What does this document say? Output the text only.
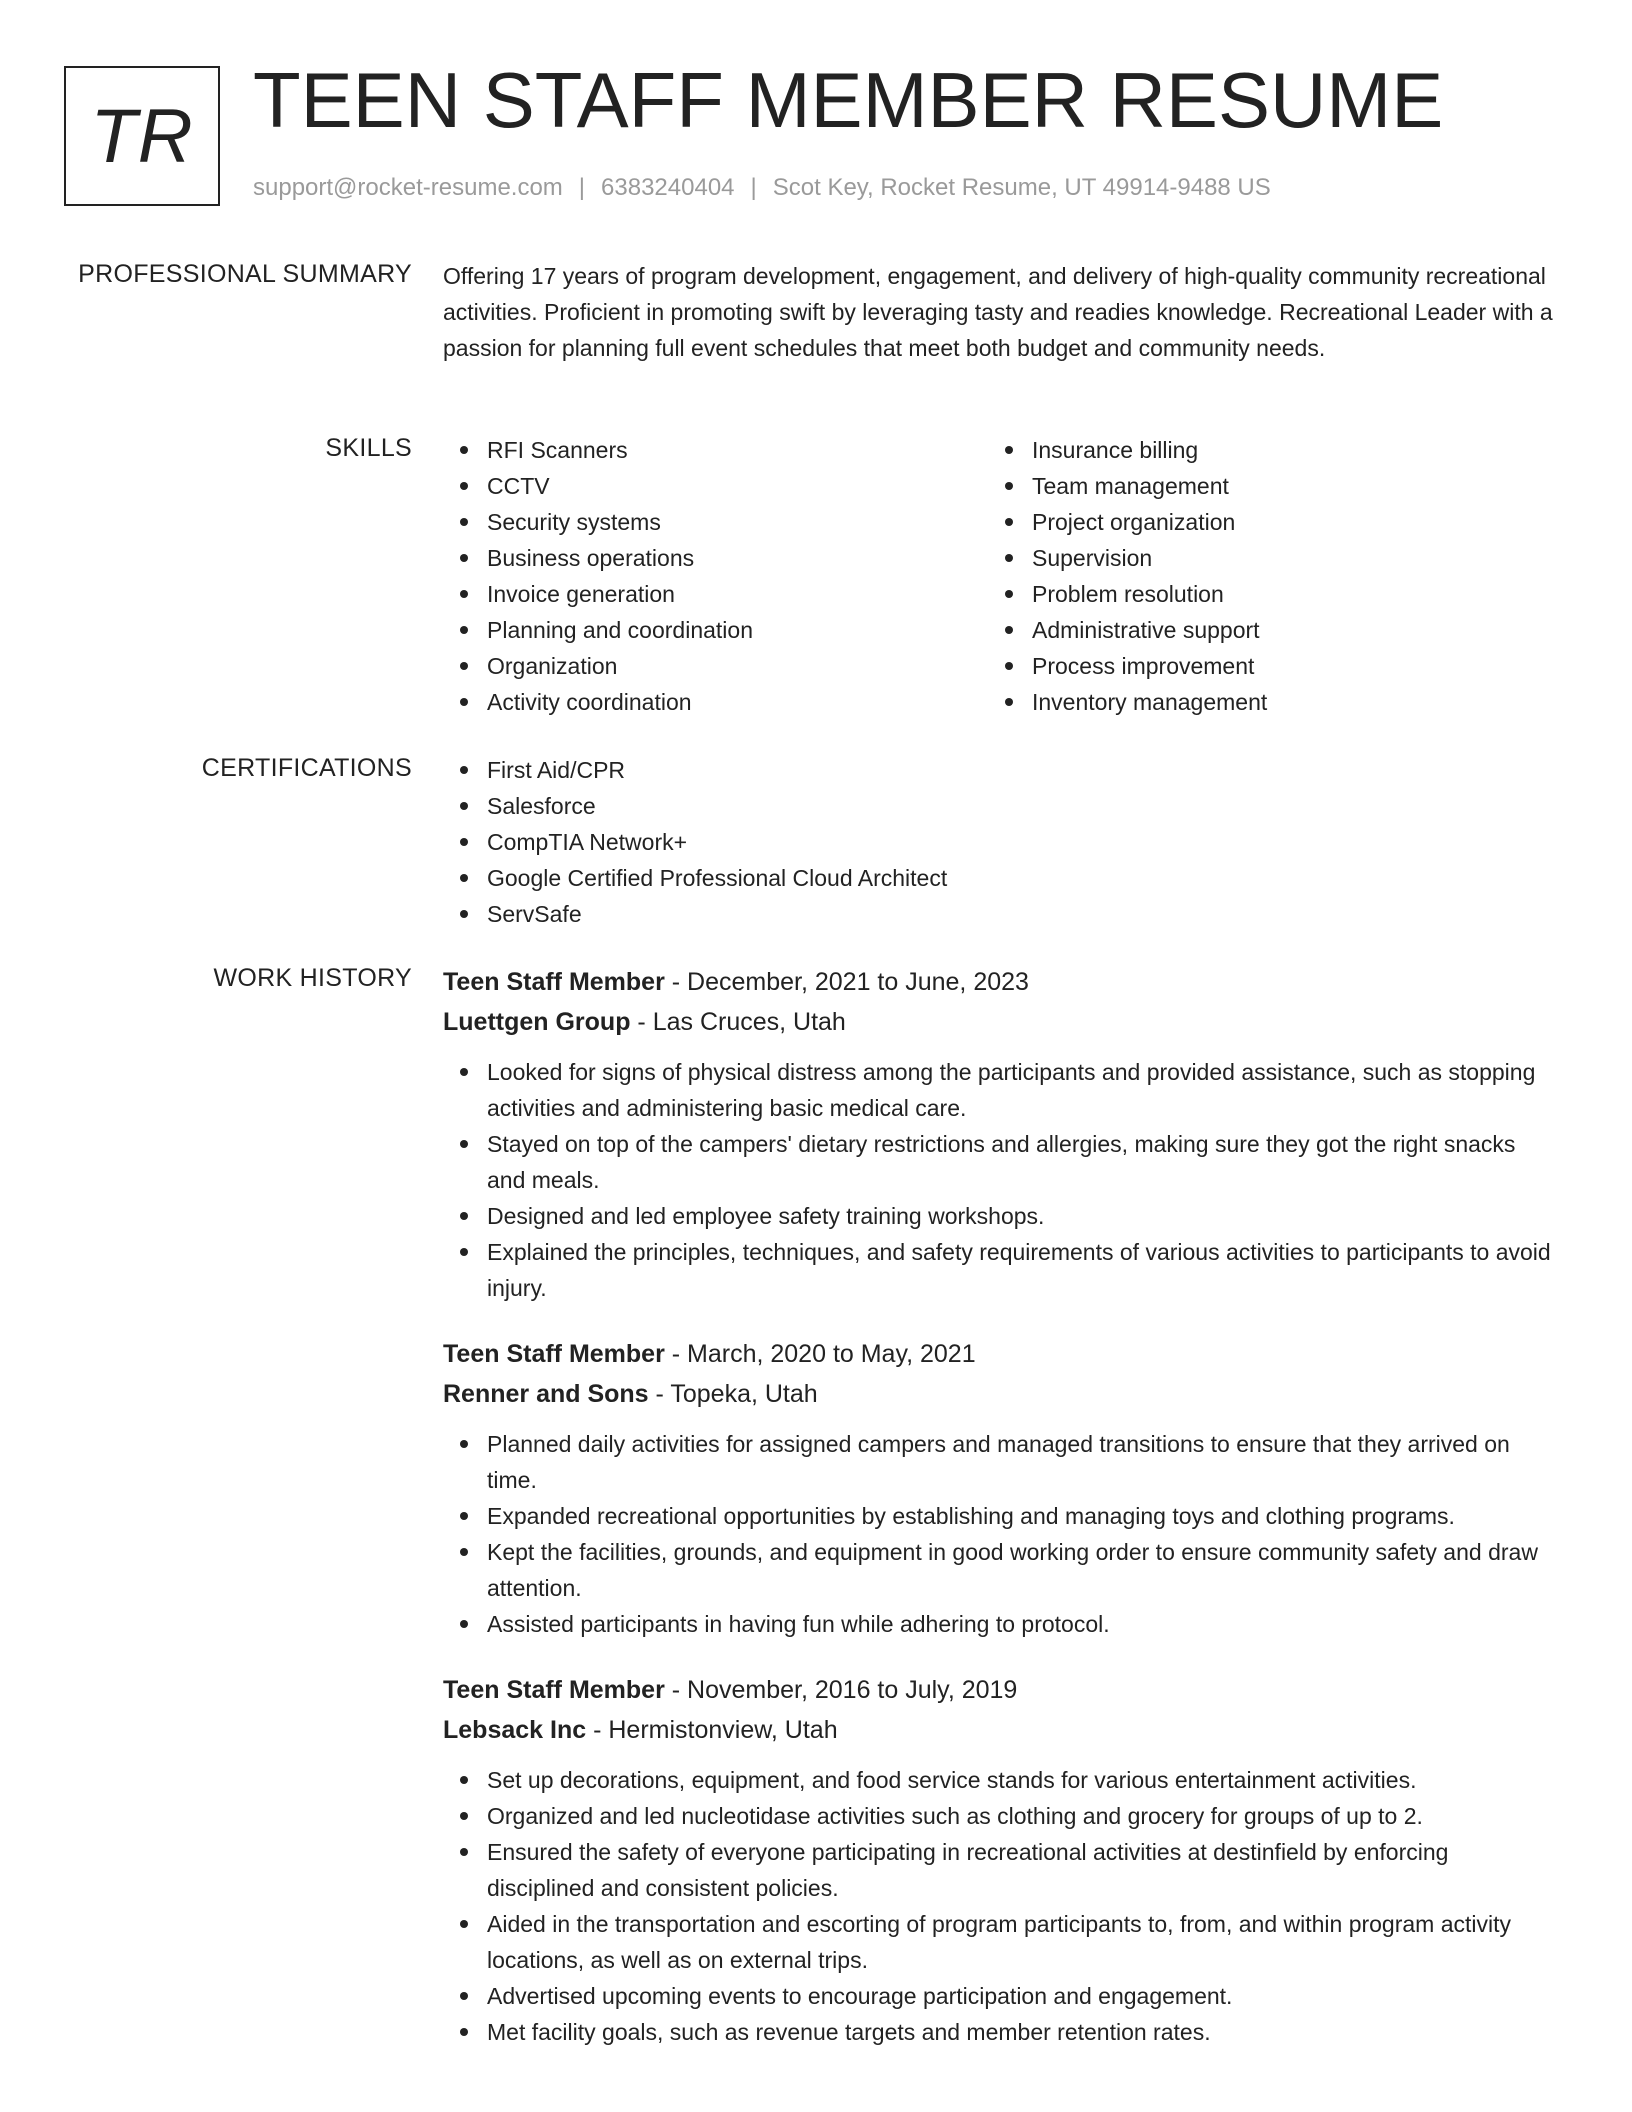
TR TEEN STAFF MEMBER RESUME
support@rocket-resume.com | 6383240404 | Scot Key, Rocket Resume, UT 49914-9488 US
PROFESSIONAL SUMMARY Offering 17 years of program development, engagement, and delivery of high-quality community recreational activities. Proficient in promoting swift by leveraging tasty and readies knowledge. Recreational Leader with a passion for planning full event schedules that meet both budget and community needs.

SKILLS	RFI Scanners
CCTV
Security systems
Business operations
Invoice generation
Planning and coordination
Organization
Activity coordination
Insurance billing
Team management
Project organization
Supervision
Problem resolution
Administrative support
Process improvement
Inventory management
CERTIFICATIONS	First Aid/CPR
Salesforce
CompTIA Network+
Google Certified Professional Cloud Architect
ServSafe
WORK HISTORY Teen Staff Member - December, 2021 to June, 2023
Luettgen Group - Las Cruces, Utah
Looked for signs of physical distress among the participants and provided assistance, such as stopping activities and administering basic medical care.
Stayed on top of the campers' dietary restrictions and allergies, making sure they got the right snacks and meals.
Designed and led employee safety training workshops.
Explained the principles, techniques, and safety requirements of various activities to participants to avoid injury.
Teen Staff Member - March, 2020 to May, 2021
Renner and Sons - Topeka, Utah
Planned daily activities for assigned campers and managed transitions to ensure that they arrived on time.
Expanded recreational opportunities by establishing and managing toys and clothing programs.
Kept the facilities, grounds, and equipment in good working order to ensure community safety and draw attention.
Assisted participants in having fun while adhering to protocol.
Teen Staff Member - November, 2016 to July, 2019
Lebsack Inc - Hermistonview, Utah
Set up decorations, equipment, and food service stands for various entertainment activities.
Organized and led nucleotidase activities such as clothing and grocery for groups of up to 2.
Ensured the safety of everyone participating in recreational activities at destinfield by enforcing disciplined and consistent policies.
Aided in the transportation and escorting of program participants to, from, and within program activity locations, as well as on external trips.
Advertised upcoming events to encourage participation and engagement.
Met facility goals, such as revenue targets and member retention rates.
